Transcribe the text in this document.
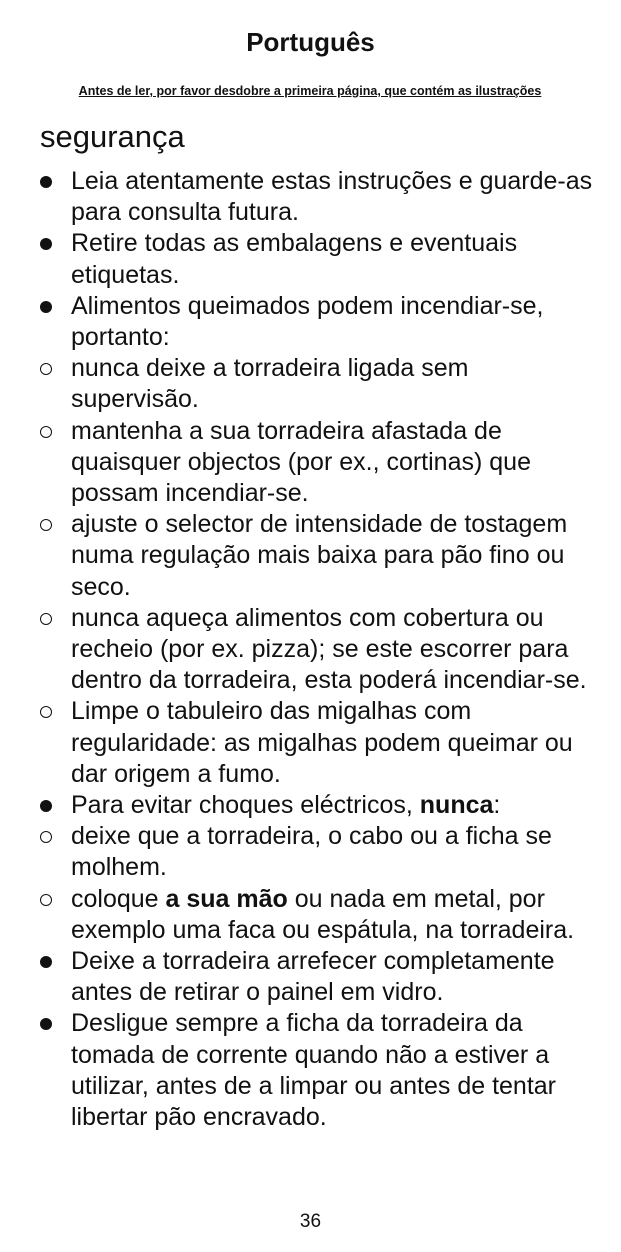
Português
Antes de ler, por favor desdobre a primeira página, que contém as ilustrações
segurança
Leia atentamente estas instruções e guarde-as para consulta futura.
Retire todas as embalagens e eventuais etiquetas.
Alimentos queimados podem incendiar-se, portanto:
nunca deixe a torradeira ligada sem supervisão.
mantenha a sua torradeira afastada de quaisquer objectos (por ex., cortinas) que possam incendiar-se.
ajuste o selector de intensidade de tostagem numa regulação mais baixa para pão fino ou seco.
nunca aqueça alimentos com cobertura ou recheio (por ex. pizza); se este escorrer para dentro da torradeira, esta poderá incendiar-se.
Limpe o tabuleiro das migalhas com regularidade: as migalhas podem queimar ou dar origem a fumo.
Para evitar choques eléctricos, nunca:
deixe que a torradeira, o cabo ou a ficha se molhem.
coloque a sua mão ou nada em metal, por exemplo uma faca ou espátula, na torradeira.
Deixe a torradeira arrefecer completamente antes de retirar o painel em vidro.
Desligue sempre a ficha da torradeira da tomada de corrente quando não a estiver a utilizar, antes de a limpar ou antes de tentar libertar pão encravado.
36
